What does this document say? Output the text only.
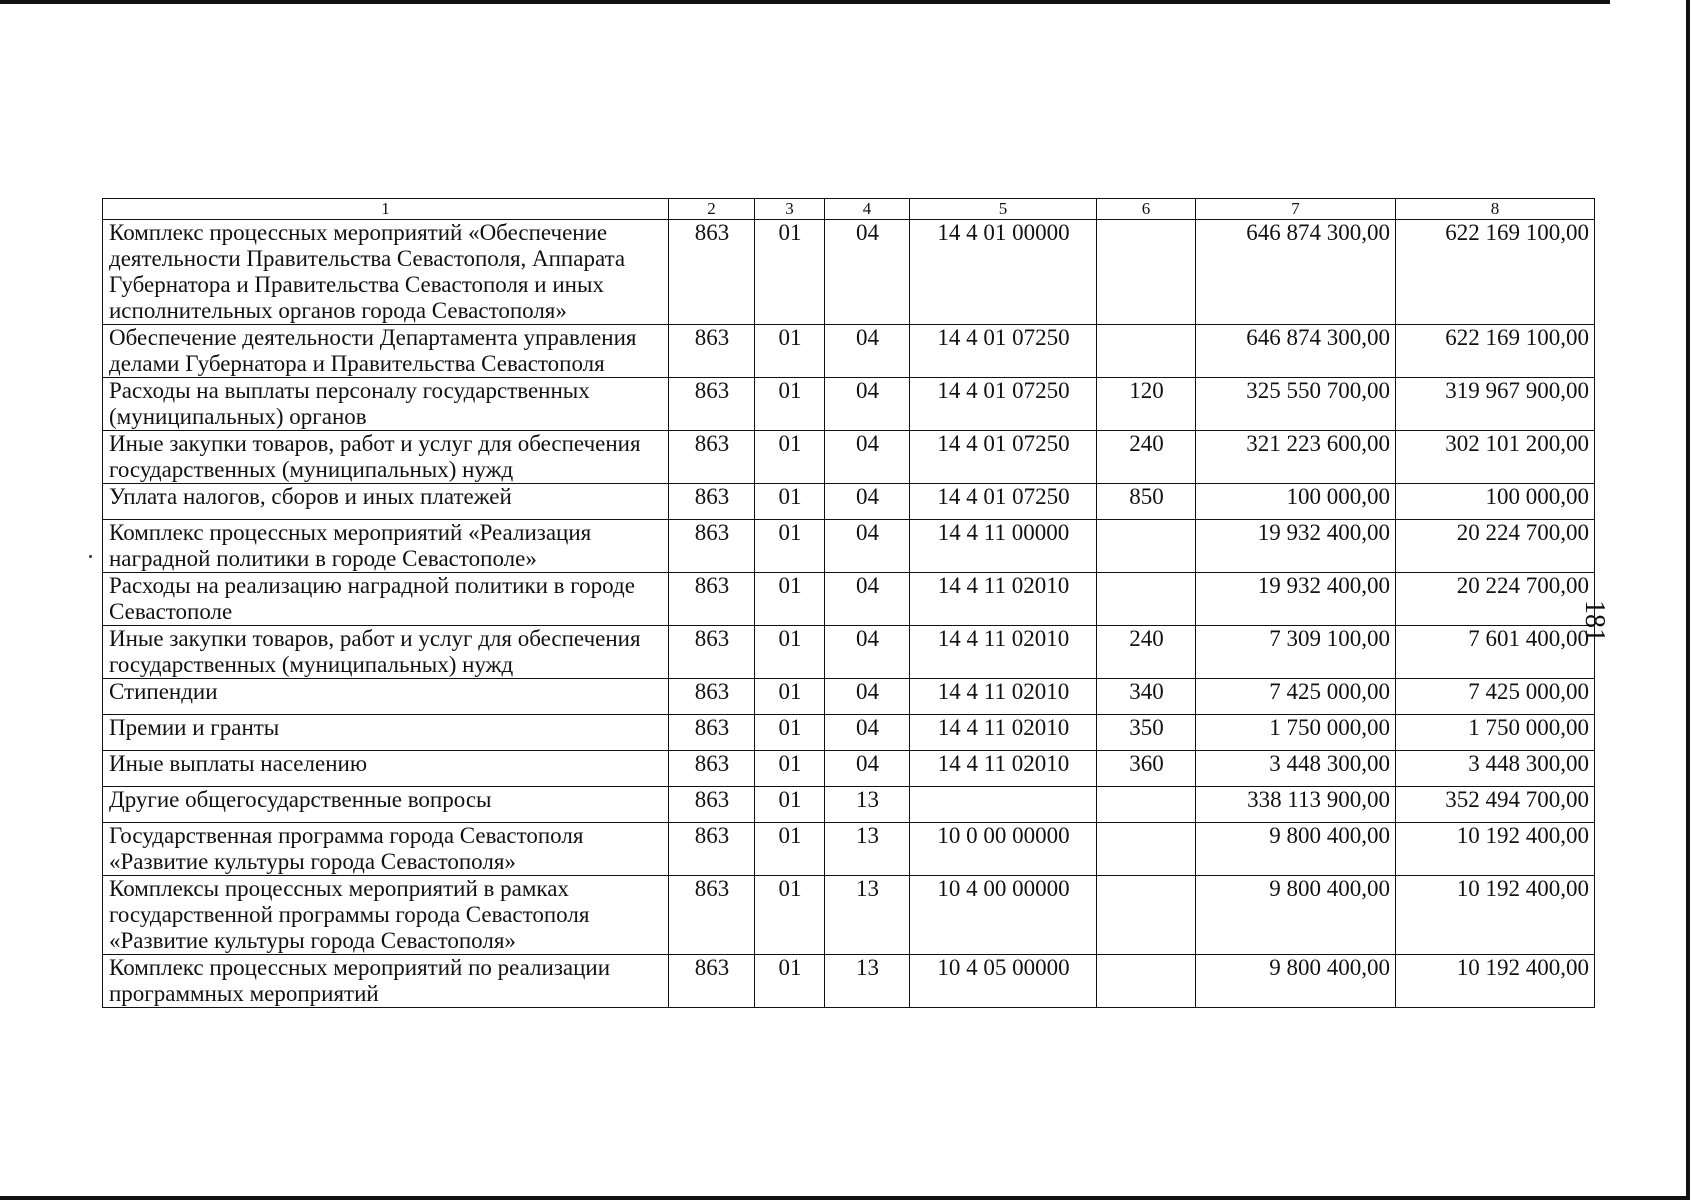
181
1	2	3	4	5	6	7	8
Комплекс процессных мероприятий «Обеспечение деятельности Правительства Севастополя, Аппарата Губернатора и Правительства Севастополя и иных исполнительных органов города Севастополя»	863	01	04	14 4 01 00000		646 874 300,00	622 169 100,00
Обеспечение деятельности Департамента управления делами Губернатора и Правительства Севастополя	863	01	04	14 4 01 07250		646 874 300,00	622 169 100,00
Расходы на выплаты персоналу государственных (муниципальных) органов	863	01	04	14 4 01 07250	120	325 550 700,00	319 967 900,00
Иные закупки товаров, работ и услуг для обеспечения государственных (муниципальных) нужд	863	01	04	14 4 01 07250	240	321 223 600,00	302 101 200,00
Уплата налогов, сборов и иных платежей	863	01	04	14 4 01 07250	850	100 000,00	100 000,00
Комплекс процессных мероприятий «Реализация наградной политики в городе Севастополе»	863	01	04	14 4 11 00000		19 932 400,00	20 224 700,00
Расходы на реализацию наградной политики в городе Севастополе	863	01	04	14 4 11 02010		19 932 400,00	20 224 700,00
Иные закупки товаров, работ и услуг для обеспечения государственных (муниципальных) нужд	863	01	04	14 4 11 02010	240	7 309 100,00	7 601 400,00
Стипендии	863	01	04	14 4 11 02010	340	7 425 000,00	7 425 000,00
Премии и гранты	863	01	04	14 4 11 02010	350	1 750 000,00	1 750 000,00
Иные выплаты населению	863	01	04	14 4 11 02010	360	3 448 300,00	3 448 300,00
Другие общегосударственные вопросы	863	01	13			338 113 900,00	352 494 700,00
Государственная программа города Севастополя «Развитие культуры города Севастополя»	863	01	13	10 0 00 00000		9 800 400,00	10 192 400,00
Комплексы процессных мероприятий в рамках государственной программы города Севастополя «Развитие культуры города Севастополя»	863	01	13	10 4 00 00000		9 800 400,00	10 192 400,00
Комплекс процессных мероприятий по реализации программных мероприятий	863	01	13	10 4 05 00000		9 800 400,00	10 192 400,00
